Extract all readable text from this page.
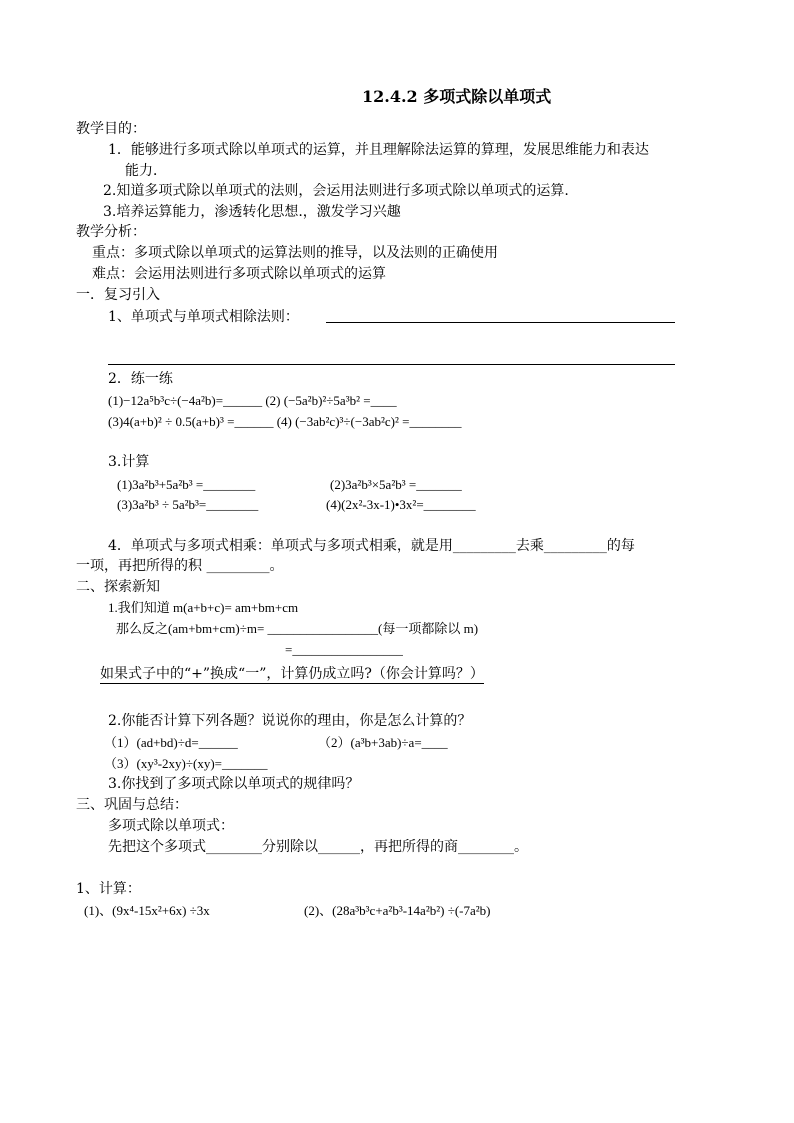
12.4.2 多项式除以单项式
教学目的：
1．能够进行多项式除以单项式的运算，并且理解除法运算的算理，发展思维能力和表达
能力．
2.知道多项式除以单项式的法则，会运用法则进行多项式除以单项式的运算.
3.培养运算能力，渗透转化思想.，激发学习兴趣
教学分析：
重点：多项式除以单项式的运算法则的推导，以及法则的正确使用
难点：会运用法则进行多项式除以单项式的运算
一．复习引入
1、单项式与单项式相除法则：
2．练一练
(1)−12a⁵b³c÷(−4a²b)=______ (2) (−5a²b)²÷5a³b² =____
(3)4(a+b)² ÷ 0.5(a+b)³ =______ (4) (−3ab²c)³÷(−3ab²c)² =________
3.计算
(1)3a²b³+5a²b³ =________	(2)3a²b³×5a²b³ =_______
(3)3a²b³ ÷ 5a²b³=________	(4)(2x²-3x-1)•3x²=________
4．单项式与多项式相乘：单项式与多项式相乘，就是用_________去乘_________的每
一项，再把所得的积 _________。
二、探索新知
1.我们知道 m(a+b+c)= am+bm+cm
那么反之(am+bm+cm)÷m= _________________(每一项都除以 m)
=_________________
如果式子中的“+”换成“一”，计算仍成立吗?（你会计算吗？）
2.你能否计算下列各题？说说你的理由，你是怎么计算的？
（1）(ad+bd)÷d=______	（2）(a³b+3ab)÷a=____
（3）(xy³-2xy)÷(xy)=_______
3.你找到了多项式除以单项式的规律吗？
三、巩固与总结：
多项式除以单项式：
先把这个多项式________分别除以______，再把所得的商________。
1、计算：
(1)、(9x⁴-15x²+6x) ÷3x	(2)、(28a³b³c+a²b³-14a²b²) ÷(-7a²b)
